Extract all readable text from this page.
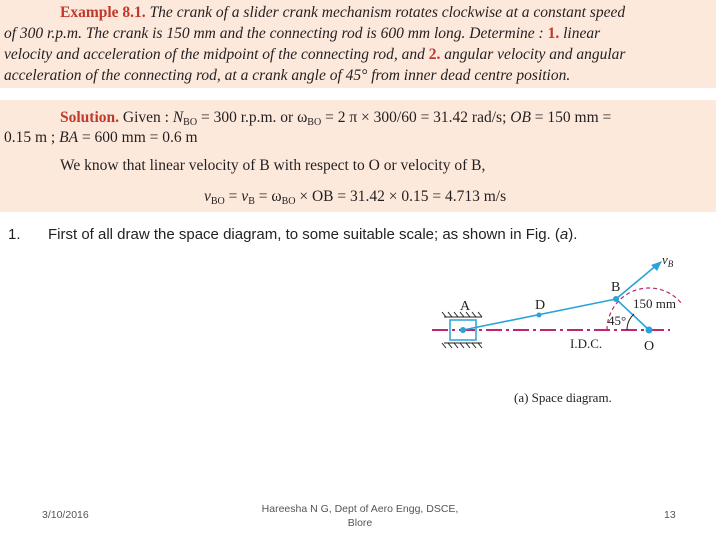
Example 8.1. The crank of a slider crank mechanism rotates clockwise at a constant speed
of 300 r.p.m. The crank is 150 mm and the connecting rod is 600 mm long. Determine : 1. linear
velocity and acceleration of the midpoint of the connecting rod, and 2. angular velocity and angular
acceleration of the connecting rod, at a crank angle of 45° from inner dead centre position.
Solution. Given : $N_{BO} = 300$ r.p.m. or $\omega_{BO} = 2$ π × 300/60 = 31.42 rad/s; OB = 150 mm =
0.15 m ; BA = 600 mm = 0.6 m
We know that linear velocity of B with respect to O or velocity of B,
$v_{BO} = v_B = \omega_{BO}$ × OB = 31.42 × 0.15 = 4.713 m/s
1. First of all draw the space diagram, to some suitable scale; as shown in Fig. (a).
A	D
B
O
$v_B$
150 mm
45°
I.D.C.
(a) Space diagram.
3/10/2016	Hareesha N G, Dept of Aero Engg, DSCE,
Blore
13
